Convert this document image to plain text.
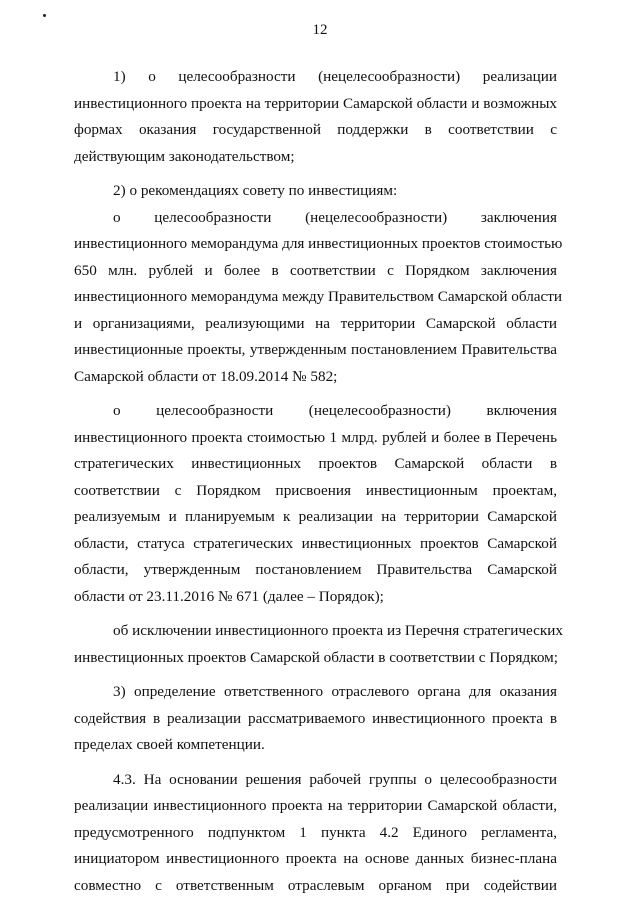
12
1) о целесообразности (нецелесообразности) реализации
инвестиционного проекта на территории Самарской области и возможных
формах оказания государственной поддержки в соответствии с
действующим законодательством;
2) о рекомендациях совету по инвестициям:
о целесообразности (нецелесообразности) заключения
инвестиционного меморандума для инвестиционных проектов стоимостью
650 млн. рублей и более в соответствии с Порядком заключения
инвестиционного меморандума между Правительством Самарской области
и организациями, реализующими на территории Самарской области
инвестиционные проекты, утвержденным постановлением Правительства
Самарской области от 18.09.2014 № 582;
о целесообразности (нецелесообразности) включения
инвестиционного проекта стоимостью 1 млрд. рублей и более в Перечень
стратегических инвестиционных проектов Самарской области в
соответствии с Порядком присвоения инвестиционным проектам,
реализуемым и планируемым к реализации на территории Самарской
области, статуса стратегических инвестиционных проектов Самарской
области, утвержденным постановлением Правительства Самарской
области от 23.11.2016 № 671 (далее – Порядок);
об исключении инвестиционного проекта из Перечня стратегических
инвестиционных проектов Самарской области в соответствии с Порядком;
3) определение ответственного отраслевого органа для оказания
содействия в реализации рассматриваемого инвестиционного проекта в
пределах своей компетенции.
4.3. На основании решения рабочей группы о целесообразности
реализации инвестиционного проекта на территории Самарской области,
предусмотренного подпунктом 1 пункта 4.2 Единого регламента,
инициатором инвестиционного проекта на основе данных бизнес-плана
совместно с ответственным отраслевым органом при содействии
